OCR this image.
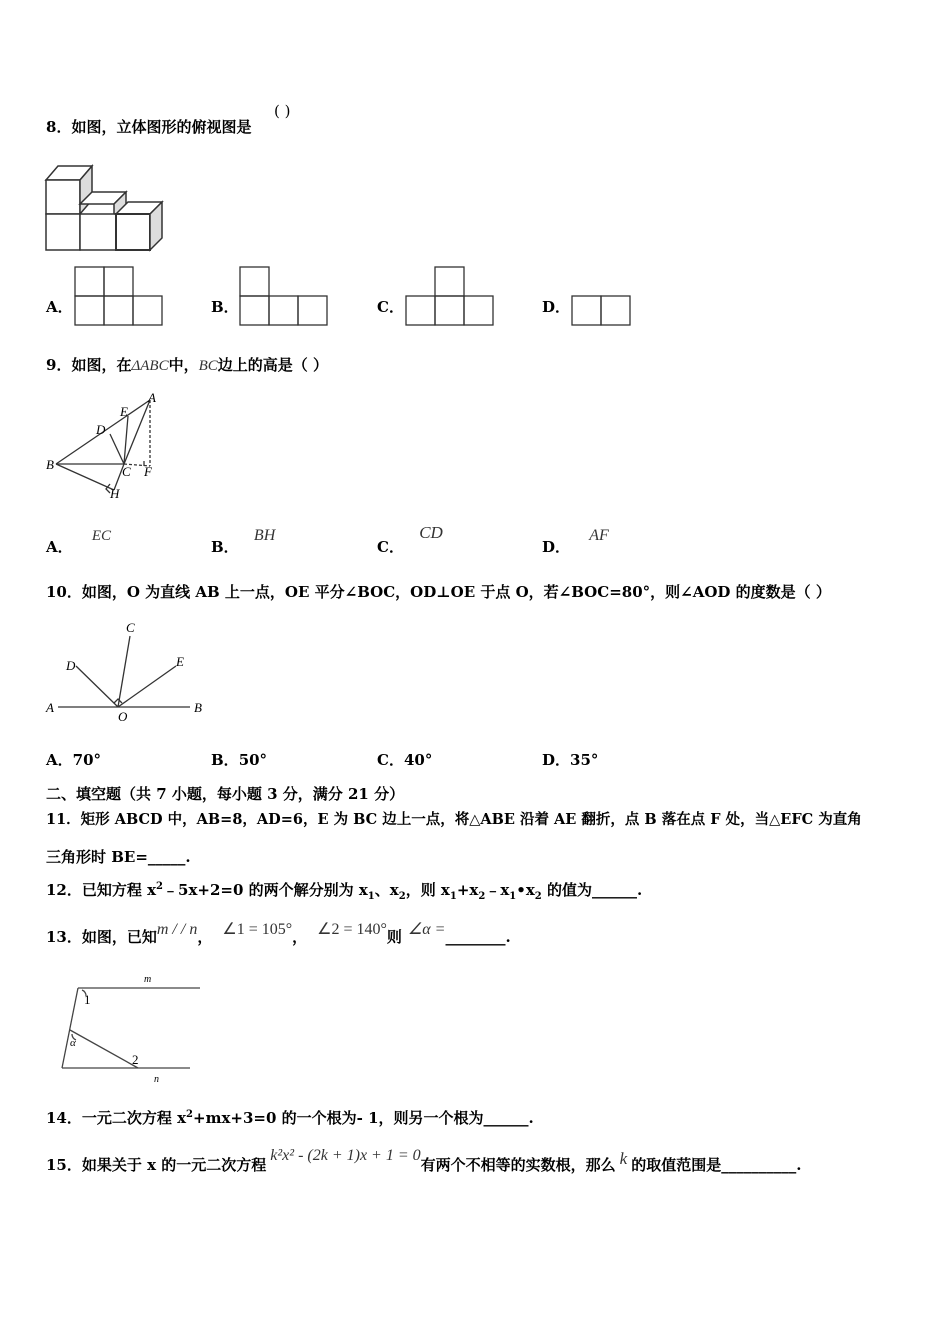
8．如图，立体图形的俯视图是
( )
A．	B．	C．	D．
9．如图，在ΔABC中，BC边上的高是（ ）
A
E
D
B	C F
H
A． EC
B． BH
C． CD
D． AF
10．如图，O 为直线 AB 上一点，OE 平分∠BOC，OD⊥OE 于点 O，若∠BOC=80°，则∠AOD 的度数是（ ）
A	B
C
D	E
O
A．70°	B．50°	C．40°	D．35°
二、填空题（共 7 小题，每小题 3 分，满分 21 分）
11．矩形 ABCD 中，AB=8，AD=6，E 为 BC 边上一点，将△ABE 沿着 AE 翻折，点 B 落在点 F 处，当△EFC 为直角
三角形时 BE=_____.
12．已知方程 $x^2﹣5x+2=0$ 的两个解分别为 $x_1$、$x_2$，则 $x_1+x_2﹣x_1•x_2$ 的值为______.
13．如图，已知m / / n， ∠1 = 105°， ∠2 = 140°则 ∠α =________.
m
n
1
2
α
14．一元二次方程 $x^2+mx+3=0$ 的一个根为- 1，则另一个根为______.
15．如果关于 x 的一元二次方程k²x² - (2k + 1)x + 1 = 0有两个不相等的实数根，那么 k 的取值范围是__________.
